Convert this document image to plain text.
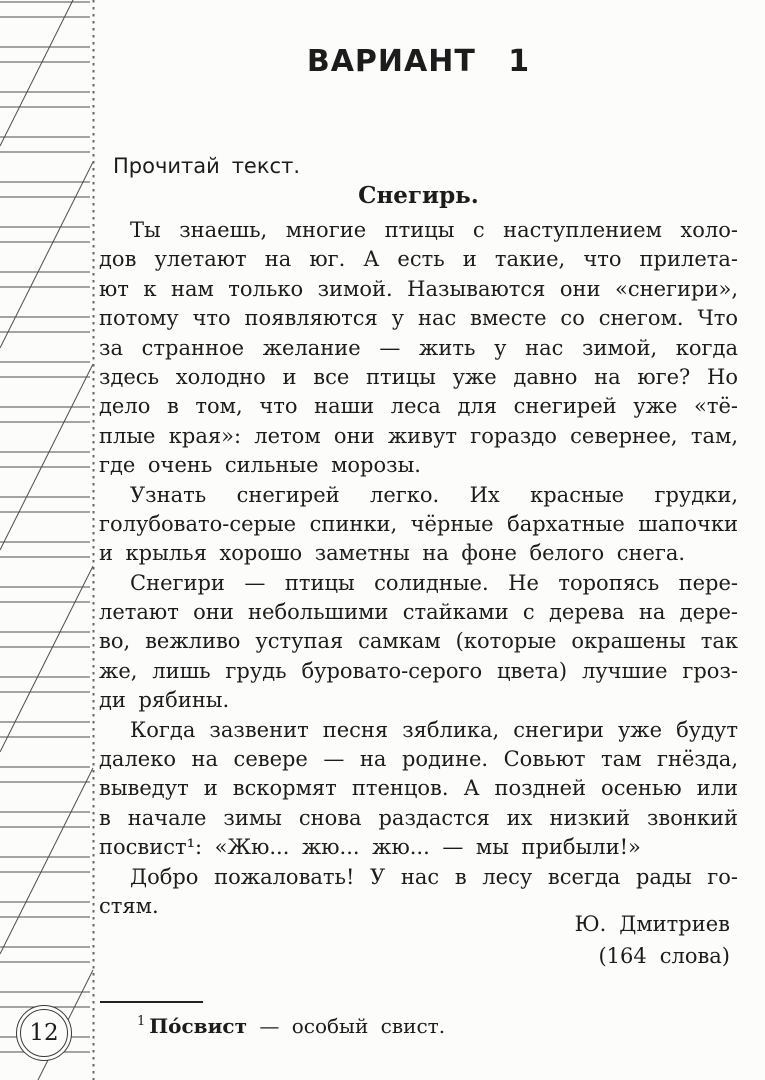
ВАРИАНТ 1
Прочитай текст.
Снегирь.
Ты знаешь, многие птицы с наступлением холо-
дов улетают на юг. А есть и такие, что прилета-
ют к нам только зимой. Называются они «снегири»,
потому что появляются у нас вместе со снегом. Что
за странное желание — жить у нас зимой, когда
здесь холодно и все птицы уже давно на юге? Но
дело в том, что наши леса для снегирей уже «тё-
плые края»: летом они живут гораздо севернее, там,
где очень сильные морозы.
Узнать снегирей легко. Их красные грудки,
голубовато-серые спинки, чёрные бархатные шапочки
и крылья хорошо заметны на фоне белого снега.
Снегири — птицы солидные. Не торопясь пере-
летают они небольшими стайками с дерева на дере-
во, вежливо уступая самкам (которые окрашены так
же, лишь грудь буровато-серого цвета) лучшие гроз-
ди рябины.
Когда зазвенит песня зяблика, снегири уже будут
далеко на севере — на родине. Совьют там гнёзда,
выведут и вскормят птенцов. А поздней осенью или
в начале зимы снова раздастся их низкий звонкий
посвист¹: «Жю... жю... жю... — мы прибыли!»
Добро пожаловать! У нас в лесу всегда рады го-
стям.
Ю. Дмитриев
(164 слова)
$^1$ По́свист — особый свист.
12
